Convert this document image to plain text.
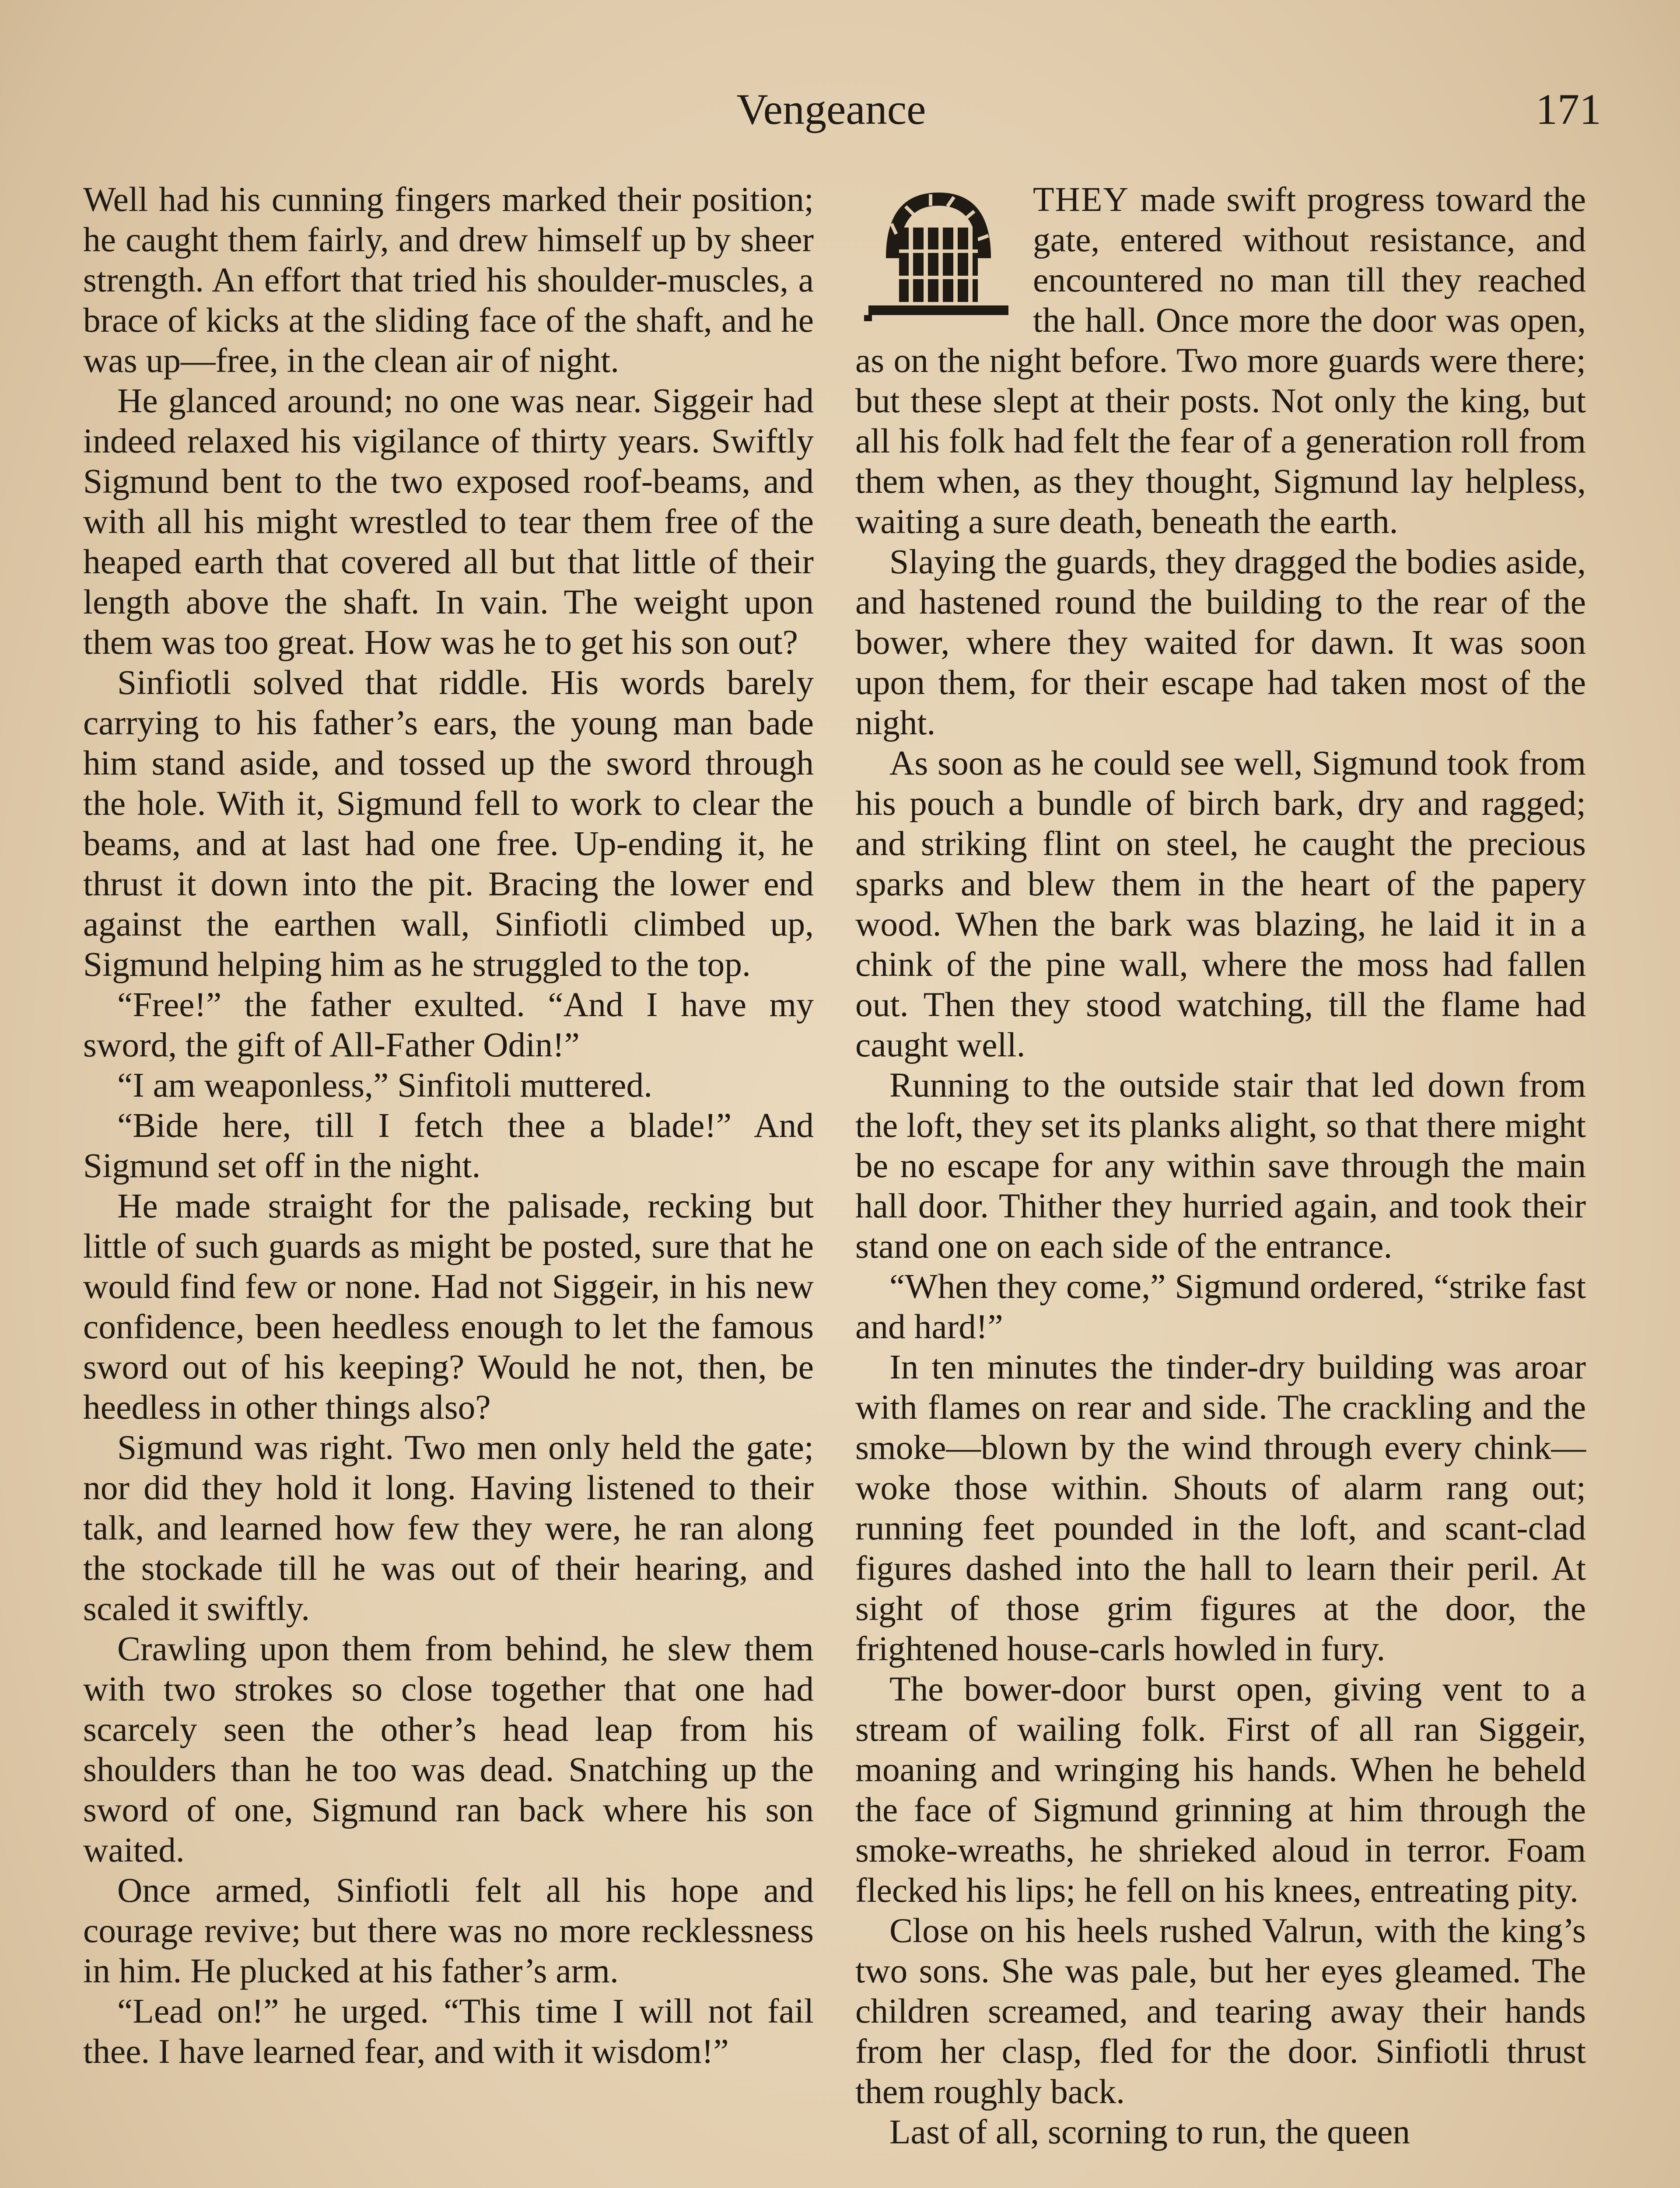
Vengeance	171

Well had his cunning fingers marked their position; he caught them fairly, and drew himself up by sheer strength. An effort that tried his shoulder-muscles, a brace of kicks at the sliding face of the shaft, and he was up—free, in the clean air of night.

He glanced around; no one was near. Siggeir had indeed relaxed his vigilance of thirty years. Swiftly Sigmund bent to the two exposed roof-beams, and with all his might wrestled to tear them free of the heaped earth that covered all but that little of their length above the shaft. In vain. The weight upon them was too great. How was he to get his son out?

Sinfiotli solved that riddle. His words barely carrying to his father’s ears, the young man bade him stand aside, and tossed up the sword through the hole. With it, Sigmund fell to work to clear the beams, and at last had one free. Up-ending it, he thrust it down into the pit. Bracing the lower end against the earthen wall, Sinfiotli climbed up, Sigmund helping him as he struggled to the top.

“Free!” the father exulted. “And I have my sword, the gift of All-Father Odin!”

“I am weaponless,” Sinfitoli muttered.

“Bide here, till I fetch thee a blade!” And Sigmund set off in the night.

He made straight for the palisade, recking but little of such guards as might be posted, sure that he would find few or none. Had not Siggeir, in his new confidence, been heedless enough to let the famous sword out of his keeping? Would he not, then, be heedless in other things also?

Sigmund was right. Two men only held the gate; nor did they hold it long. Having listened to their talk, and learned how few they were, he ran along the stockade till he was out of their hearing, and scaled it swiftly.

Crawling upon them from behind, he slew them with two strokes so close together that one had scarcely seen the other’s head leap from his shoulders than he too was dead. Snatching up the sword of one, Sigmund ran back where his son waited.

Once armed, Sinfiotli felt all his hope and courage revive; but there was no more recklessness in him. He plucked at his father’s arm.

“Lead on!” he urged. “This time I will not fail thee. I have learned fear, and with it wisdom!”

THEY made swift progress toward the gate, entered without resistance, and encountered no man till they reached the hall. Once more the door was open, as on the night before. Two more guards were there; but these slept at their posts. Not only the king, but all his folk had felt the fear of a generation roll from them when, as they thought, Sigmund lay helpless, waiting a sure death, beneath the earth.

Slaying the guards, they dragged the bodies aside, and hastened round the building to the rear of the bower, where they waited for dawn. It was soon upon them, for their escape had taken most of the night.

As soon as he could see well, Sigmund took from his pouch a bundle of birch bark, dry and ragged; and striking flint on steel, he caught the precious sparks and blew them in the heart of the papery wood. When the bark was blazing, he laid it in a chink of the pine wall, where the moss had fallen out. Then they stood watching, till the flame had caught well.

Running to the outside stair that led down from the loft, they set its planks alight, so that there might be no escape for any within save through the main hall door. Thither they hurried again, and took their stand one on each side of the entrance.

“When they come,” Sigmund ordered, “strike fast and hard!”

In ten minutes the tinder-dry building was aroar with flames on rear and side. The crackling and the smoke—blown by the wind through every chink—woke those within. Shouts of alarm rang out; running feet pounded in the loft, and scant-clad figures dashed into the hall to learn their peril. At sight of those grim figures at the door, the frightened house-carls howled in fury.

The bower-door burst open, giving vent to a stream of wailing folk. First of all ran Siggeir, moaning and wringing his hands. When he beheld the face of Sigmund grinning at him through the smoke-wreaths, he shrieked aloud in terror. Foam flecked his lips; he fell on his knees, entreating pity.

Close on his heels rushed Valrun, with the king’s two sons. She was pale, but her eyes gleamed. The children screamed, and tearing away their hands from her clasp, fled for the door. Sinfiotli thrust them roughly back.

Last of all, scorning to run, the queen
